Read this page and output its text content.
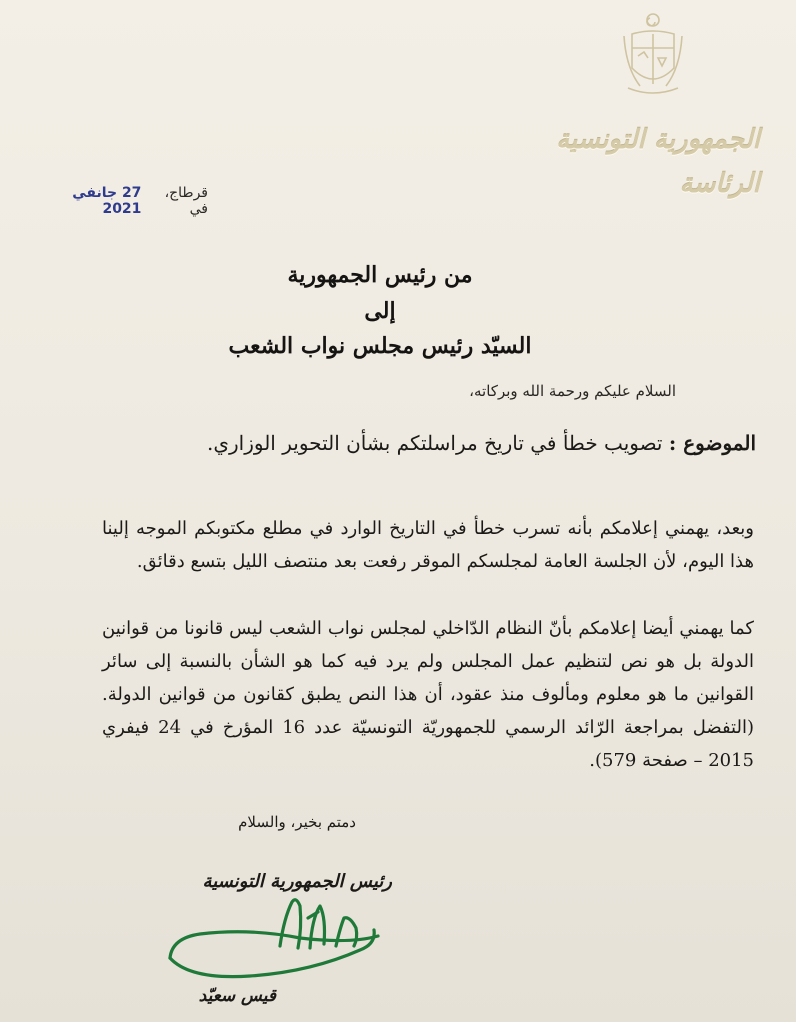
الجمهورية التونسية
الرئاسة
قرطاج، في
27 جانفي 2021
من رئيس الجمهورية
إلى
السيّد رئيس مجلس نواب الشعب
السلام عليكم ورحمة الله وبركاته،
الموضوع : تصويب خطأ في تاريخ مراسلتكم بشأن التحوير الوزاري.
وبعد، يهمني إعلامكم بأنه تسرب خطأ في التاريخ الوارد في مطلع مكتوبكم الموجه إلينا هذا اليوم، لأن الجلسة العامة لمجلسكم الموقر رفعت بعد منتصف الليل بتسع دقائق.
كما يهمني أيضا إعلامكم بأنّ النظام الدّاخلي لمجلس نواب الشعب ليس قانونا من قوانين الدولة بل هو نص لتنظيم عمل المجلس ولم يرد فيه كما هو الشأن بالنسبة إلى سائر القوانين ما هو معلوم ومألوف منذ عقود، أن هذا النص يطبق كقانون من قوانين الدولة. (التفضل بمراجعة الرّائد الرسمي للجمهوريّة التونسيّة عدد 16 المؤرخ في 24 فيفري 2015 – صفحة 579).
دمتم بخير، والسلام
رئيس الجمهورية التونسية
قيس سعيّد
